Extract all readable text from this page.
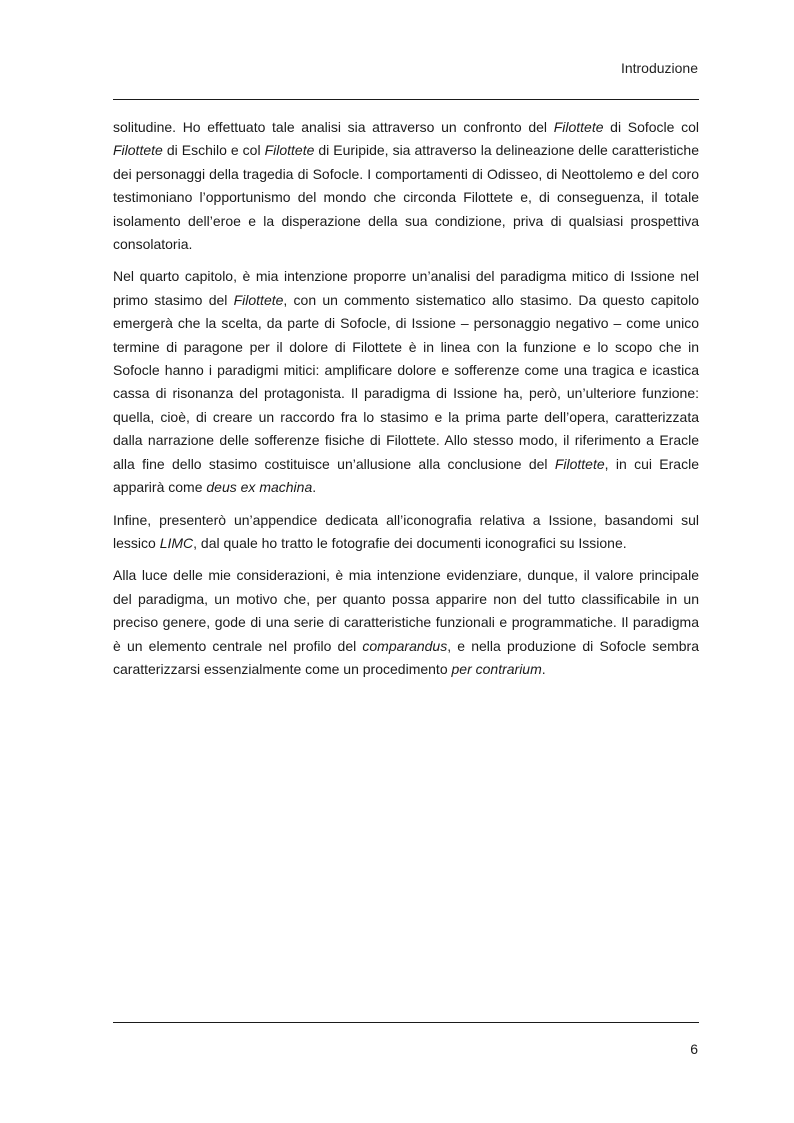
Introduzione

solitudine. Ho effettuato tale analisi sia attraverso un confronto del Filottete di Sofocle col Filottete di Eschilo e col Filottete di Euripide, sia attraverso la delineazione delle caratteristiche dei personaggi della tragedia di Sofocle. I comportamenti di Odisseo, di Neottolemo e del coro testimoniano l’opportunismo del mondo che circonda Filottete e, di conseguenza, il totale isolamento dell’eroe e la disperazione della sua condizione, priva di qualsiasi prospettiva consolatoria.

Nel quarto capitolo, è mia intenzione proporre un’analisi del paradigma mitico di Issione nel primo stasimo del Filottete, con un commento sistematico allo stasimo. Da questo capitolo emergerà che la scelta, da parte di Sofocle, di Issione – personaggio negativo – come unico termine di paragone per il dolore di Filottete è in linea con la funzione e lo scopo che in Sofocle hanno i paradigmi mitici: amplificare dolore e sofferenze come una tragica e icastica cassa di risonanza del protagonista. Il paradigma di Issione ha, però, un’ulteriore funzione: quella, cioè, di creare un raccordo fra lo stasimo e la prima parte dell’opera, caratterizzata dalla narrazione delle sofferenze fisiche di Filottete. Allo stesso modo, il riferimento a Eracle alla fine dello stasimo costituisce un’allusione alla conclusione del Filottete, in cui Eracle apparirà come deus ex machina.

Infine, presenterò un’appendice dedicata all’iconografia relativa a Issione, basandomi sul lessico LIMC, dal quale ho tratto le fotografie dei documenti iconografici su Issione.

Alla luce delle mie considerazioni, è mia intenzione evidenziare, dunque, il valore principale del paradigma, un motivo che, per quanto possa apparire non del tutto classificabile in un preciso genere, gode di una serie di caratteristiche funzionali e programmatiche. Il paradigma è un elemento centrale nel profilo del comparandus, e nella produzione di Sofocle sembra caratterizzarsi essenzialmente come un procedimento per contrarium.

6
